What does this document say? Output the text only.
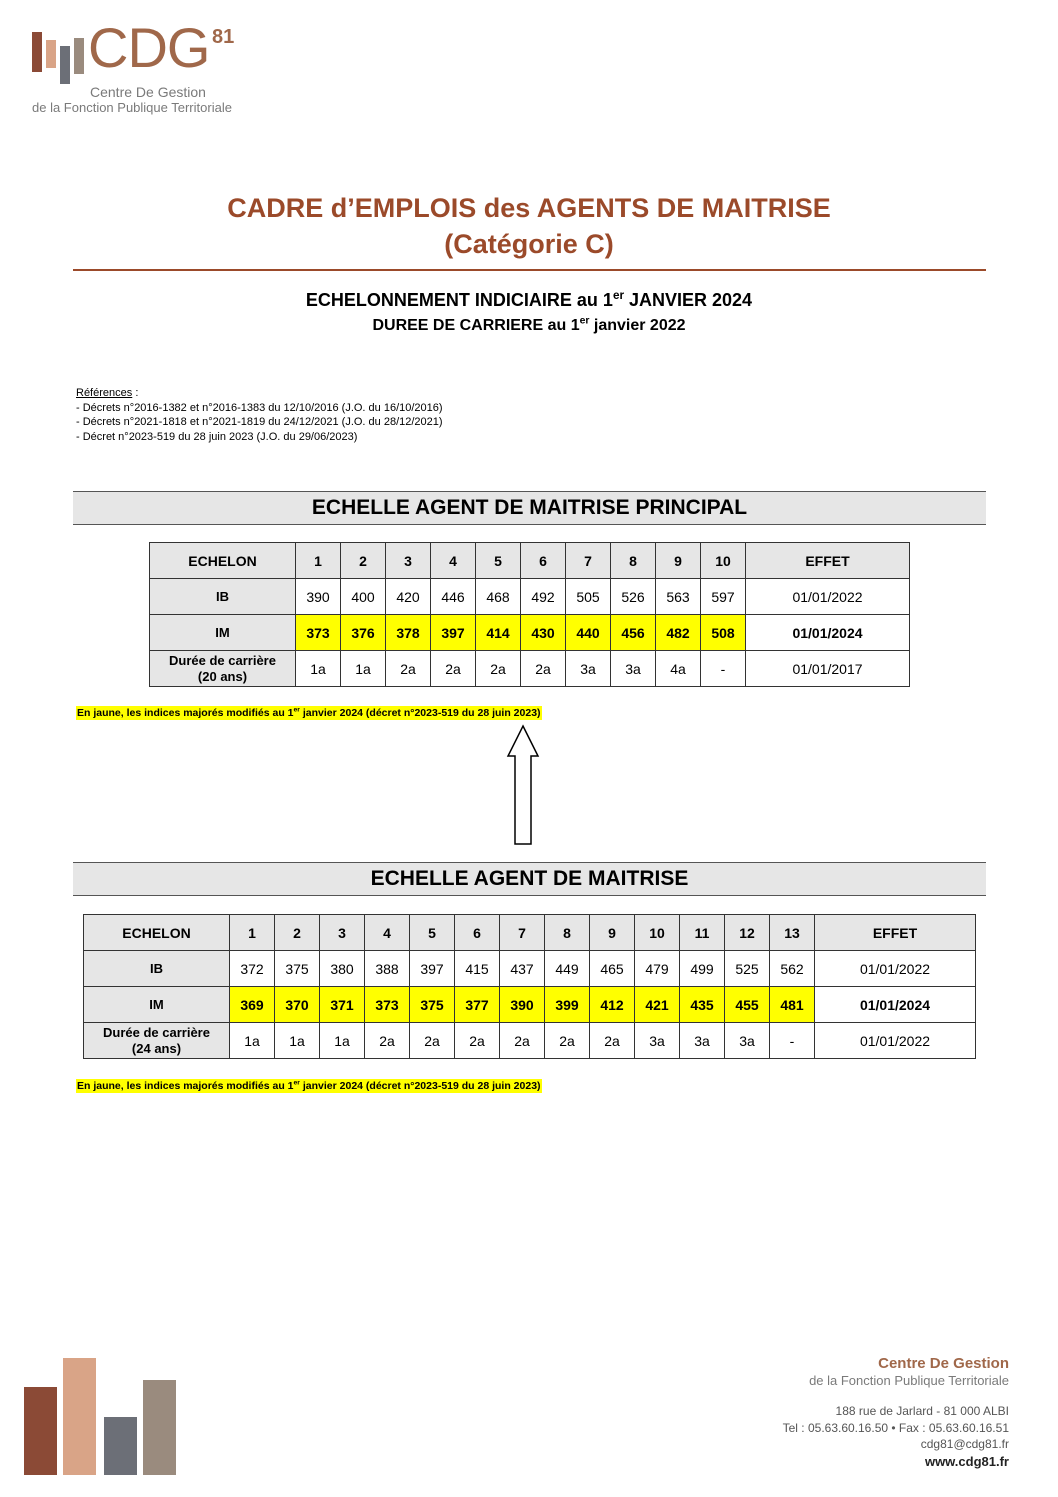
CDG 81
Centre De Gestion
de la Fonction Publique Territoriale
CADRE d’EMPLOIS des AGENTS DE MAITRISE
(Catégorie C)
ECHELONNEMENT INDICIAIRE au 1er JANVIER 2024
DUREE DE CARRIERE au 1er janvier 2022
Références :
- Décrets n°2016-1382 et n°2016-1383 du 12/10/2016 (J.O. du 16/10/2016)
- Décrets n°2021-1818 et n°2021-1819 du 24/12/2021 (J.O. du 28/12/2021)
- Décret n°2023-519 du 28 juin 2023 (J.O. du 29/06/2023)
ECHELLE AGENT DE MAITRISE PRINCIPAL
ECHELON	1	2	3	4	5	6	7	8	9	10	EFFET
IB	390	400	420	446	468	492	505	526	563	597	01/01/2022
IM	373	376	378	397	414	430	440	456	482	508	01/01/2024

Durée de carrière
(20 ans)	1a	1a	2a	2a	2a	2a	3a	3a	4a	-	01/01/2017
En jaune, les indices majorés modifiés au 1er janvier 2024 (décret n°2023-519 du 28 juin 2023)
ECHELLE AGENT DE MAITRISE
ECHELON	1	2	3	4	5	6	7	8	9	10	11	12	13	EFFET
IB	372	375	380	388	397	415	437	449	465	479	499	525	562	01/01/2022
IM	369	370	371	373	375	377	390	399	412	421	435	455	481	01/01/2024

Durée de carrière
(24 ans)	1a	1a	1a	2a	2a	2a	2a	2a	2a	3a	3a	3a	-	01/01/2022
En jaune, les indices majorés modifiés au 1er janvier 2024 (décret n°2023-519 du 28 juin 2023)
Centre De Gestion
de la Fonction Publique Territoriale
188 rue de Jarlard - 81 000 ALBI
Tel : 05.63.60.16.50 • Fax : 05.63.60.16.51
cdg81@cdg81.fr
www.cdg81.fr
